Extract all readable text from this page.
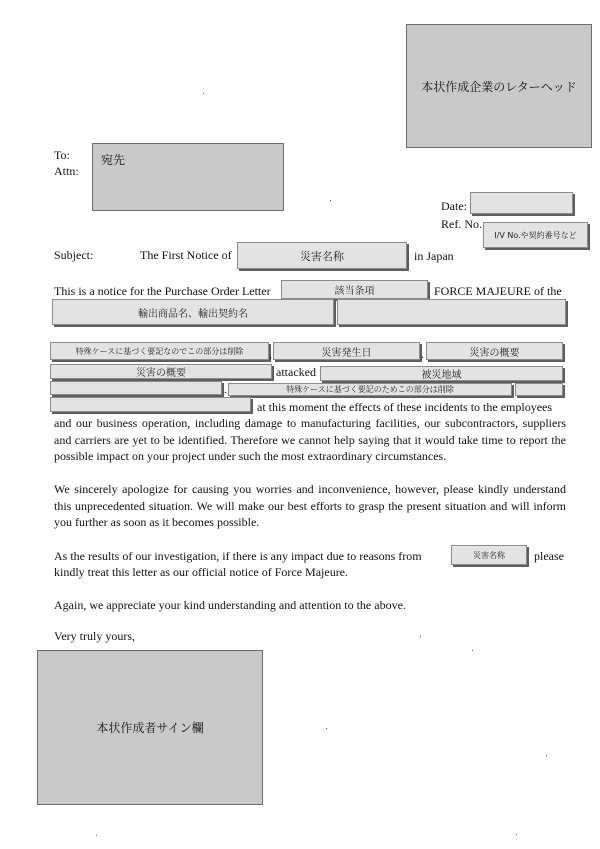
本状作成企業のレターヘッド
To:
Attn:
宛先
Date:
Ref. No.
I/V No.や契約番号など
Subject:	The First Notice of	災害名称	in Japan
This is a notice for the Purchase Order Letter	該当条項	FORCE MAJEURE of the
輸出商品名、輸出契約名
特殊ケースに基づく要記なのでこの部分は削除	,	災害発生日	.	災害の概要
災害の概要	attacked	被災地域
.	特殊ケースに基づく要記のためこの部分は削除
at this moment the effects of these incidents to the employees
and our business operation, including damage to manufacturing facilities, our subcontractors, suppliers and carriers are yet to be identified. Therefore we cannot help saying that it would take time to report the possible impact on your project under such the most extraordinary circumstances.
We sincerely apologize for causing you worries and inconvenience, however, please kindly understand this unprecedented situation. We will make our best efforts to grasp the present situation and will inform you further as soon as it becomes possible.
As the results of our investigation, if there is any impact due to reasons from	災害名称	please
kindly treat this letter as our official notice of Force Majeure.
Again, we appreciate your kind understanding and attention to the above.
Very truly yours,
本状作成者サイン欄
